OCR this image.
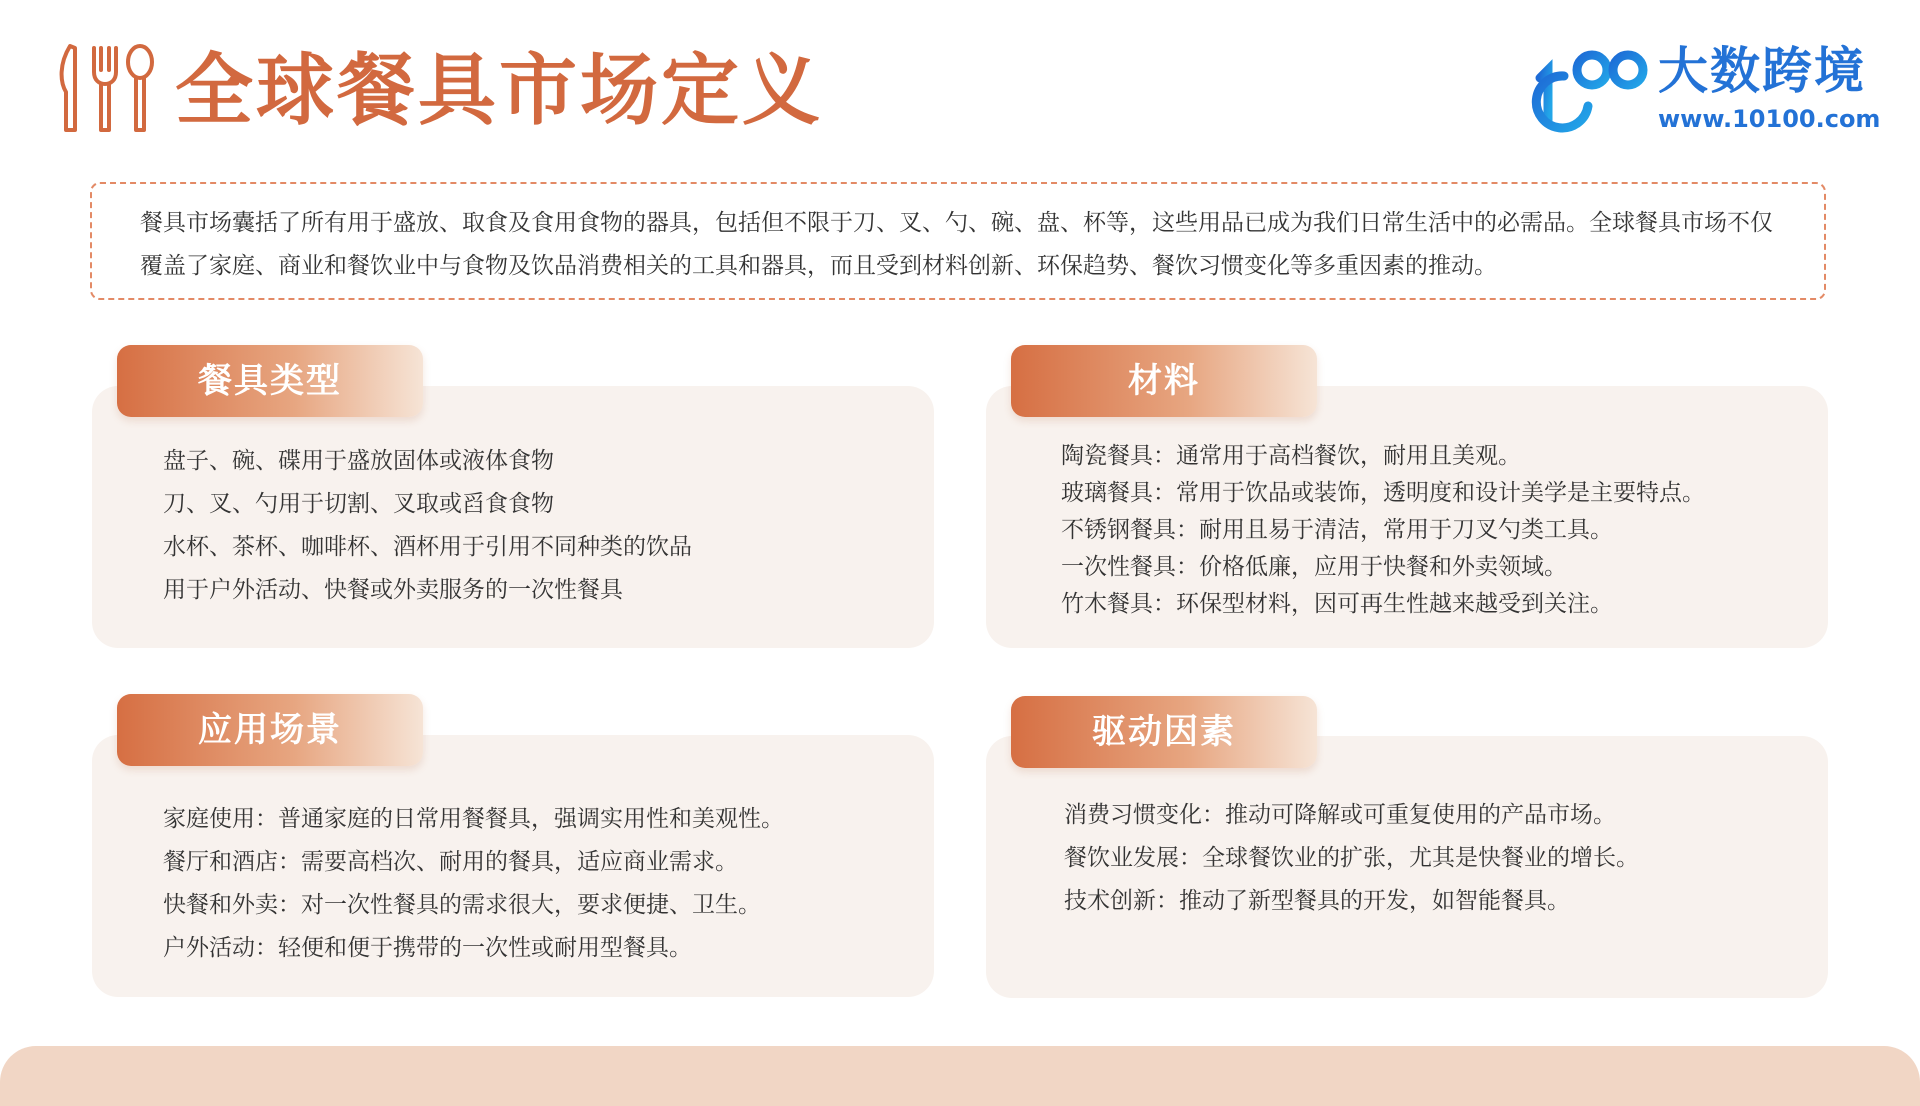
全球餐具市场定义	大数跨境
www.10100.com
餐具市场囊括了所有用于盛放、取食及食用食物的器具，包括但不限于刀、叉、勺、碗、盘、杯等，这些用品已成为我们日常生活中的必需品。全球餐具市场不仅覆盖了家庭、商业和餐饮业中与食物及饮品消费相关的工具和器具，而且受到材料创新、环保趋势、餐饮习惯变化等多重因素的推动。
餐具类型
盘子、碗、碟用于盛放固体或液体食物
刀、叉、勺用于切割、叉取或舀食食物
水杯、茶杯、咖啡杯、酒杯用于引用不同种类的饮品
用于户外活动、快餐或外卖服务的一次性餐具
材料
陶瓷餐具：通常用于高档餐饮，耐用且美观。
玻璃餐具：常用于饮品或装饰，透明度和设计美学是主要特点。
不锈钢餐具：耐用且易于清洁，常用于刀叉勺类工具。
一次性餐具：价格低廉，应用于快餐和外卖领域。
竹木餐具：环保型材料，因可再生性越来越受到关注。
应用场景
家庭使用：普通家庭的日常用餐餐具，强调实用性和美观性。
餐厅和酒店：需要高档次、耐用的餐具，适应商业需求。
快餐和外卖：对一次性餐具的需求很大，要求便捷、卫生。
户外活动：轻便和便于携带的一次性或耐用型餐具。
驱动因素
消费习惯变化：推动可降解或可重复使用的产品市场。
餐饮业发展：全球餐饮业的扩张，尤其是快餐业的增长。
技术创新：推动了新型餐具的开发，如智能餐具。
